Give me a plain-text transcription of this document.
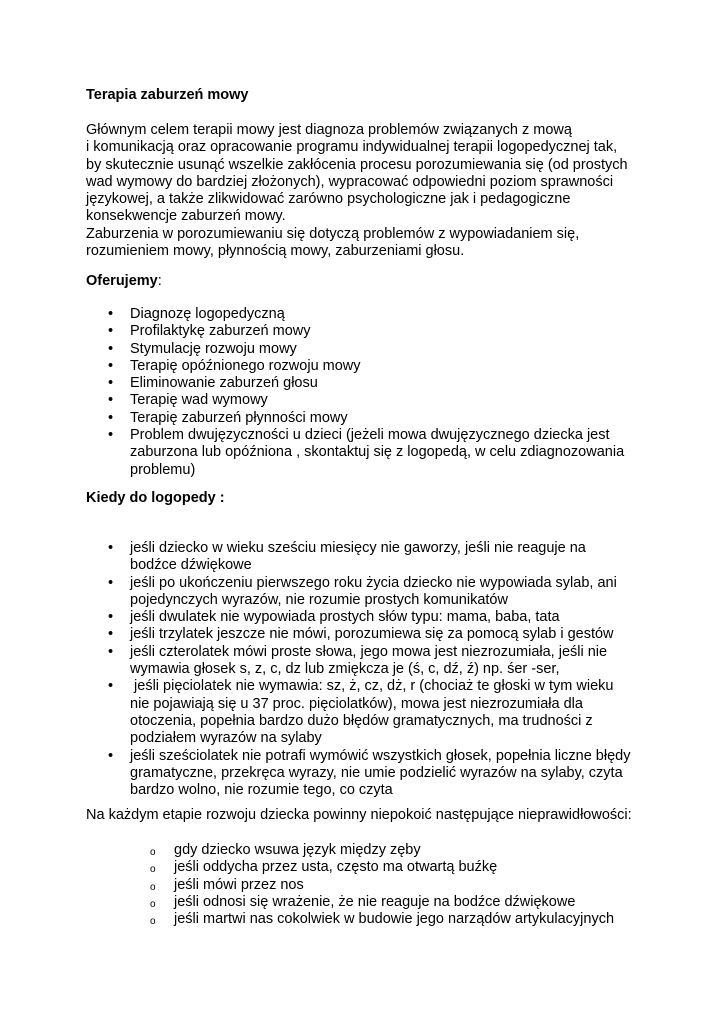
Terapia zaburzeń mowy
Głównym celem terapii mowy jest diagnoza problemów związanych z mową
i komunikacją oraz opracowanie programu indywidualnej terapii logopedycznej tak,
by skutecznie usunąć wszelkie zakłócenia procesu porozumiewania się (od prostych
wad wymowy do bardziej złożonych), wypracować odpowiedni poziom sprawności
językowej, a także zlikwidować zarówno psychologiczne jak i pedagogiczne
konsekwencje zaburzeń mowy.
Zaburzenia w porozumiewaniu się dotyczą problemów z wypowiadaniem się,
rozumieniem mowy, płynnością mowy, zaburzeniami głosu.
Oferujemy:
• Diagnozę logopedyczną
• Profilaktykę zaburzeń mowy
• Stymulację rozwoju mowy
• Terapię opóźnionego rozwoju mowy
• Eliminowanie zaburzeń głosu
• Terapię wad wymowy
• Terapię zaburzeń płynności mowy
• Problem dwujęzyczności u dzieci (jeżeli mowa dwujęzycznego dziecka jest
zaburzona lub opóźniona , skontaktuj się z logopedą, w celu zdiagnozowania
problemu)
Kiedy do logopedy :
• jeśli dziecko w wieku sześciu miesięcy nie gaworzy, jeśli nie reaguje na
bodźce dźwiękowe
• jeśli po ukończeniu pierwszego roku życia dziecko nie wypowiada sylab, ani
pojedynczych wyrazów, nie rozumie prostych komunikatów
• jeśli dwulatek nie wypowiada prostych słów typu: mama, baba, tata
• jeśli trzylatek jeszcze nie mówi, porozumiewa się za pomocą sylab i gestów
• jeśli czterolatek mówi proste słowa, jego mowa jest niezrozumiała, jeśli nie
wymawia głosek s, z, c, dz lub zmiękcza je (ś, c, dź, ź) np. śer -ser,
• jeśli pięciolatek nie wymawia: sz, ż, cz, dż, r (chociaż te głoski w tym wieku
nie pojawiają się u 37 proc. pięciolatków), mowa jest niezrozumiała dla
otoczenia, popełnia bardzo dużo błędów gramatycznych, ma trudności z
podziałem wyrazów na sylaby
• jeśli sześciolatek nie potrafi wymówić wszystkich głosek, popełnia liczne błędy
gramatyczne, przekręca wyrazy, nie umie podzielić wyrazów na sylaby, czyta
bardzo wolno, nie rozumie tego, co czyta
Na każdym etapie rozwoju dziecka powinny niepokoić następujące nieprawidłowości:
o gdy dziecko wsuwa język między zęby
o jeśli oddycha przez usta, często ma otwartą buźkę
o jeśli mówi przez nos
o jeśli odnosi się wrażenie, że nie reaguje na bodźce dźwiękowe
o jeśli martwi nas cokolwiek w budowie jego narządów artykulacyjnych
